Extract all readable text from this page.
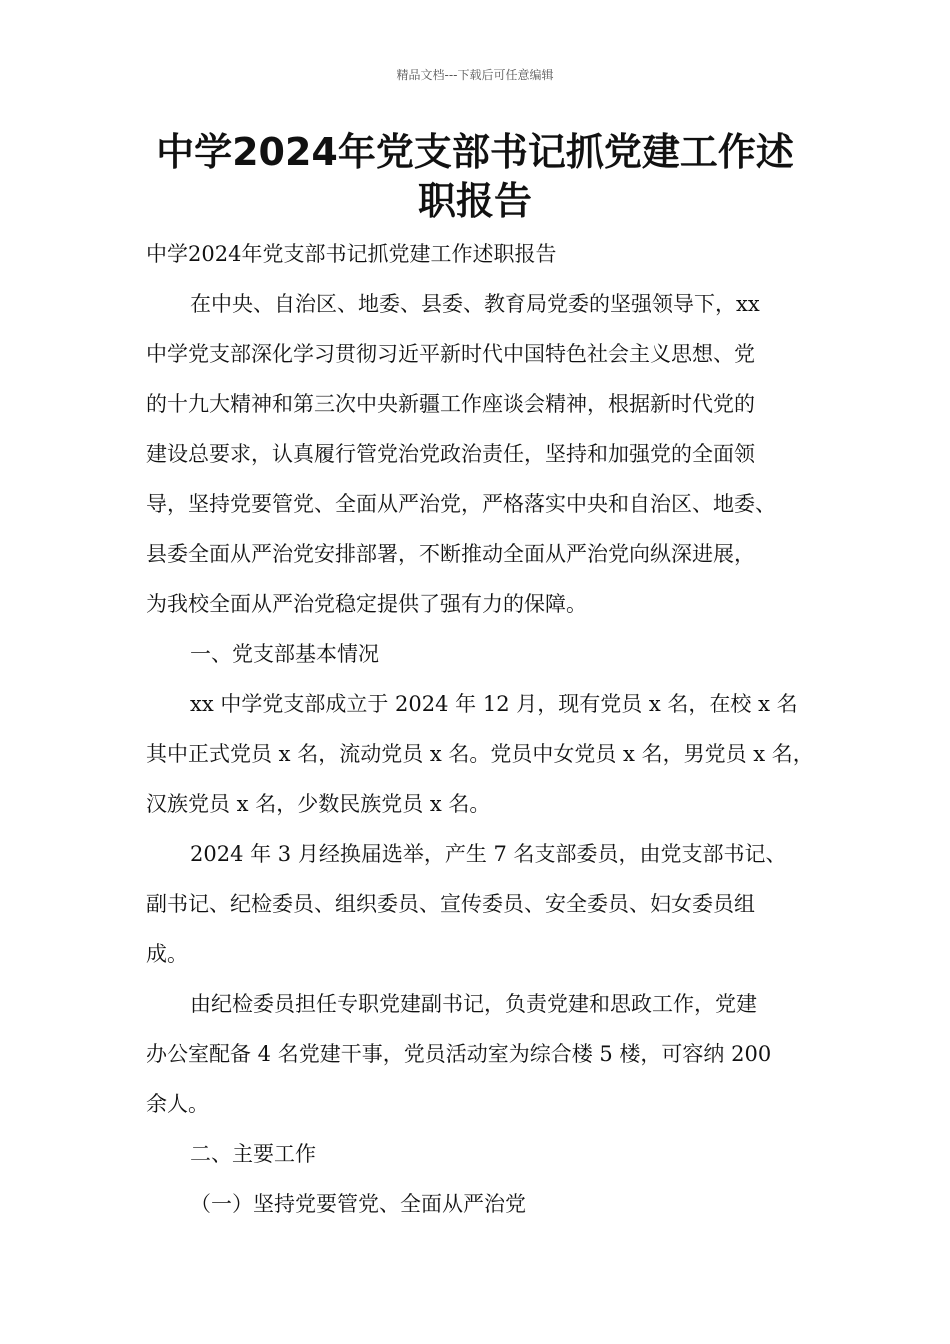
精品文档---下载后可任意编辑
中学2024年党支部书记抓党建工作述
职报告

中学2024年党支部书记抓党建工作述职报告

在中央、自治区、地委、县委、教育局党委的坚强领导下，xx

中学党支部深化学习贯彻习近平新时代中国特色社会主义思想、党

的十九大精神和第三次中央新疆工作座谈会精神，根据新时代党的

建设总要求，认真履行管党治党政治责任，坚持和加强党的全面领

导，坚持党要管党、全面从严治党，严格落实中央和自治区、地委、

县委全面从严治党安排部署，不断推动全面从严治党向纵深进展，

为我校全面从严治党稳定提供了强有力的保障。

一、党支部基本情况

xx 中学党支部成立于 2024 年 12 月，现有党员 x 名，在校 x 名

其中正式党员 x 名，流动党员 x 名。党员中女党员 x 名，男党员 x 名，

汉族党员 x 名，少数民族党员 x 名。

2024 年 3 月经换届选举，产生 7 名支部委员，由党支部书记、

副书记、纪检委员、组织委员、宣传委员、安全委员、妇女委员组

成。

由纪检委员担任专职党建副书记，负责党建和思政工作，党建

办公室配备 4 名党建干事，党员活动室为综合楼 5 楼，可容纳 200

余人。

二、主要工作

（一）坚持党要管党、全面从严治党
